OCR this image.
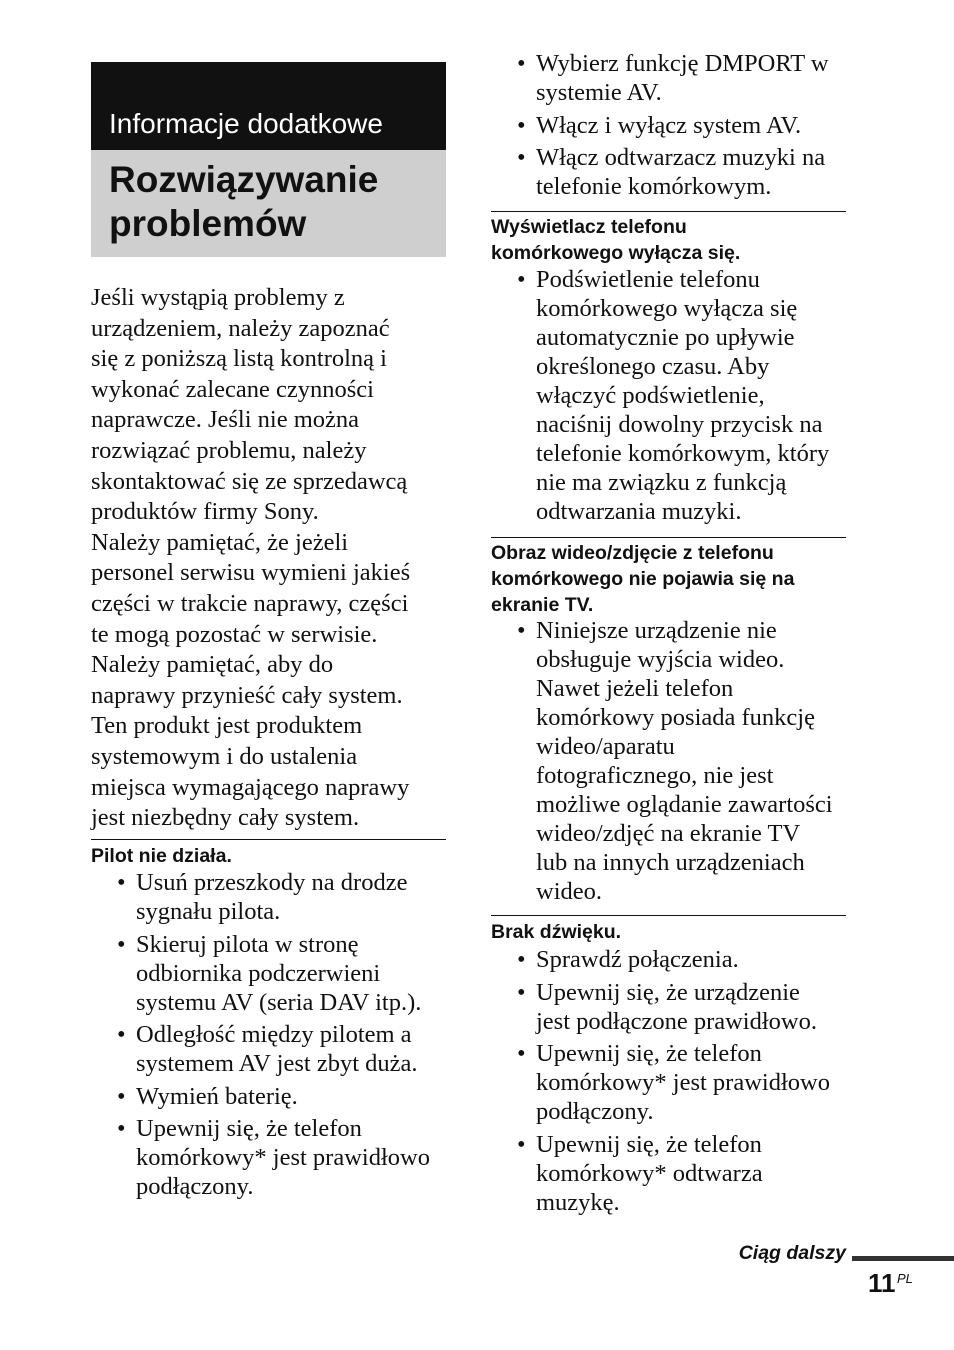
Informacje dodatkowe
Rozwiązywanie
problemów

Jeśli wystąpią problemy z
urządzeniem, należy zapoznać
się z poniższą listą kontrolną i
wykonać zalecane czynności
naprawcze. Jeśli nie można
rozwiązać problemu, należy
skontaktować się ze sprzedawcą
produktów firmy Sony.
Należy pamiętać, że jeżeli
personel serwisu wymieni jakieś
części w trakcie naprawy, części
te mogą pozostać w serwisie.
Należy pamiętać, aby do
naprawy przynieść cały system.
Ten produkt jest produktem
systemowym i do ustalenia
miejsca wymagającego naprawy
jest niezbędny cały system.

Pilot nie działa.
• Usuń przeszkody na drodze
sygnału pilota.
• Skieruj pilota w stronę
odbiornika podczerwieni
systemu AV (seria DAV itp.).
• Odległość między pilotem a
systemem AV jest zbyt duża.
• Wymień baterię.
• Upewnij się, że telefon
komórkowy* jest prawidłowo
podłączony.
• Wybierz funkcję DMPORT w
systemie AV.
• Włącz i wyłącz system AV.
• Włącz odtwarzacz muzyki na
telefonie komórkowym.
Wyświetlacz telefonu
komórkowego wyłącza się.
• Podświetlenie telefonu
komórkowego wyłącza się
automatycznie po upływie
określonego czasu. Aby
włączyć podświetlenie,
naciśnij dowolny przycisk na
telefonie komórkowym, który
nie ma związku z funkcją
odtwarzania muzyki.
Obraz wideo/zdjęcie z telefonu
komórkowego nie pojawia się na
ekranie TV.
• Niniejsze urządzenie nie
obsługuje wyjścia wideo.
Nawet jeżeli telefon
komórkowy posiada funkcję
wideo/aparatu
fotograficznego, nie jest
możliwe oglądanie zawartości
wideo/zdjęć na ekranie TV
lub na innych urządzeniach
wideo.
Brak dźwięku.
• Sprawdź połączenia.
• Upewnij się, że urządzenie
jest podłączone prawidłowo.
• Upewnij się, że telefon
komórkowy* jest prawidłowo
podłączony.
• Upewnij się, że telefon
komórkowy* odtwarza
muzykę.
Ciąg dalszy
11 PL
